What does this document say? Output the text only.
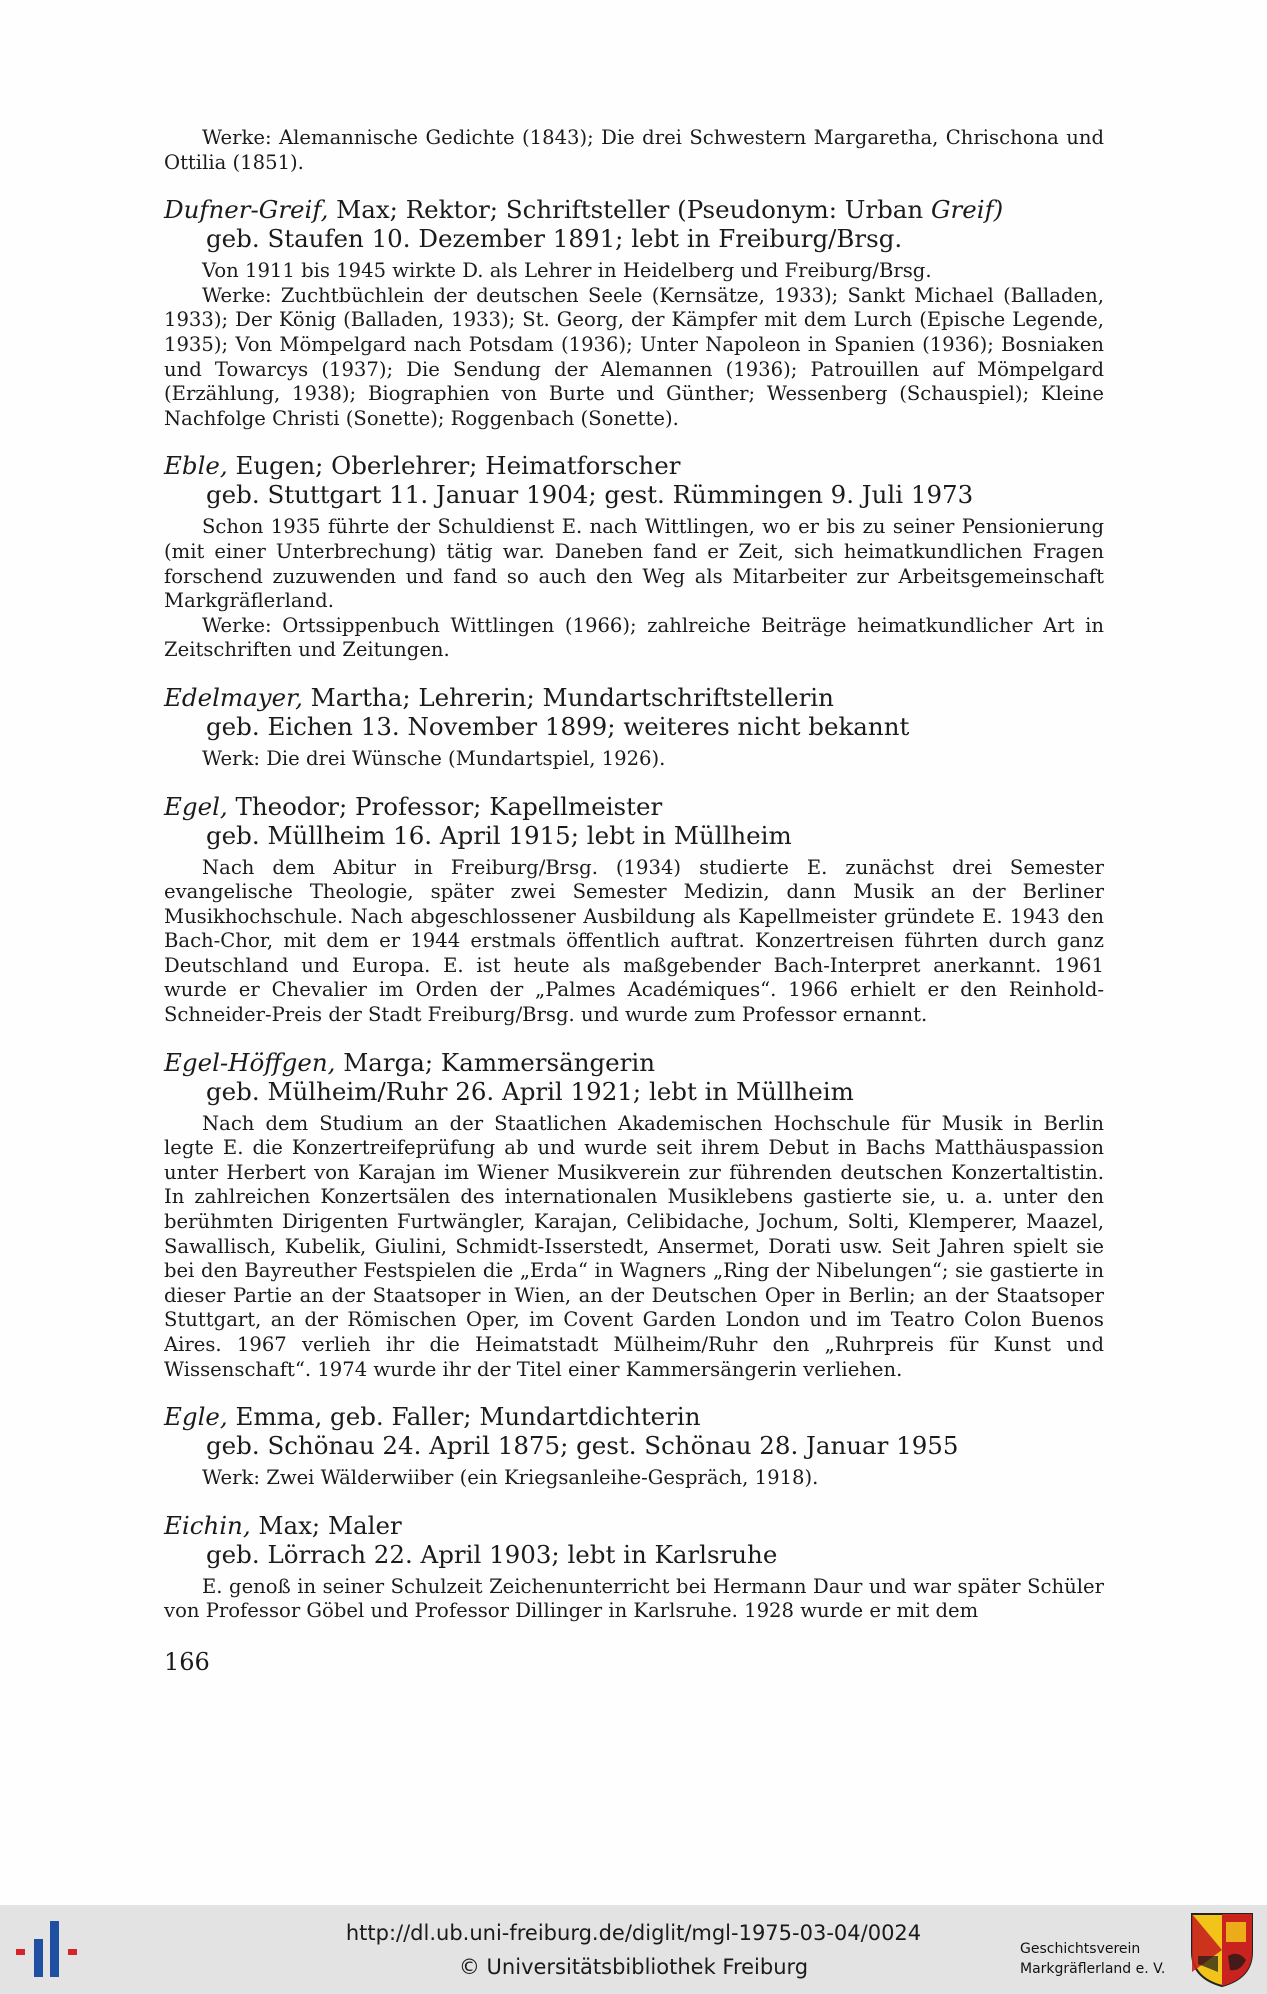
Werke: Alemannische Gedichte (1843); Die drei Schwestern Margaretha, Chrischona und Ottilia (1851).

Dufner-Greif, Max; Rektor; Schriftsteller (Pseudonym: Urban Greif)

geb. Staufen 10. Dezember 1891; lebt in Freiburg/Brsg.

Von 1911 bis 1945 wirkte D. als Lehrer in Heidelberg und Freiburg/Brsg.

Werke: Zuchtbüchlein der deutschen Seele (Kernsätze, 1933); Sankt Michael (Balladen, 1933); Der König (Balladen, 1933); St. Georg, der Kämpfer mit dem Lurch (Epische Legende, 1935); Von Mömpelgard nach Potsdam (1936); Unter Napoleon in Spanien (1936); Bosniaken und Towarcys (1937); Die Sendung der Alemannen (1936); Patrouillen auf Mömpelgard (Erzählung, 1938); Biographien von Burte und Günther; Wessenberg (Schauspiel); Kleine Nachfolge Christi (Sonette); Roggenbach (Sonette).

Eble, Eugen; Oberlehrer; Heimatforscher

geb. Stuttgart 11. Januar 1904; gest. Rümmingen 9. Juli 1973

Schon 1935 führte der Schuldienst E. nach Wittlingen, wo er bis zu seiner Pensionierung (mit einer Unterbrechung) tätig war. Daneben fand er Zeit, sich heimatkundlichen Fragen forschend zuzuwenden und fand so auch den Weg als Mitarbeiter zur Arbeitsgemeinschaft Markgräflerland.

Werke: Ortssippenbuch Wittlingen (1966); zahlreiche Beiträge heimatkundlicher Art in Zeitschriften und Zeitungen.

Edelmayer, Martha; Lehrerin; Mundartschriftstellerin

geb. Eichen 13. November 1899; weiteres nicht bekannt

Werk: Die drei Wünsche (Mundartspiel, 1926).

Egel, Theodor; Professor; Kapellmeister

geb. Müllheim 16. April 1915; lebt in Müllheim

Nach dem Abitur in Freiburg/Brsg. (1934) studierte E. zunächst drei Semester evangelische Theologie, später zwei Semester Medizin, dann Musik an der Berliner Musikhochschule. Nach abgeschlossener Ausbildung als Kapellmeister gründete E. 1943 den Bach-Chor, mit dem er 1944 erstmals öffentlich auftrat. Konzertreisen führten durch ganz Deutschland und Europa. E. ist heute als maßgebender Bach-Interpret anerkannt. 1961 wurde er Chevalier im Orden der „Palmes Académiques“. 1966 erhielt er den Reinhold-Schneider-Preis der Stadt Freiburg/Brsg. und wurde zum Professor ernannt.

Egel-Höffgen, Marga; Kammersängerin

geb. Mülheim/Ruhr 26. April 1921; lebt in Müllheim

Nach dem Studium an der Staatlichen Akademischen Hochschule für Musik in Berlin legte E. die Konzertreifeprüfung ab und wurde seit ihrem Debut in Bachs Matthäuspassion unter Herbert von Karajan im Wiener Musikverein zur führenden deutschen Konzertaltistin. In zahlreichen Konzertsälen des internationalen Musiklebens gastierte sie, u. a. unter den berühmten Dirigenten Furtwängler, Karajan, Celibidache, Jochum, Solti, Klemperer, Maazel, Sawallisch, Kubelik, Giulini, Schmidt-Isserstedt, Ansermet, Dorati usw. Seit Jahren spielt sie bei den Bayreuther Festspielen die „Erda“ in Wagners „Ring der Nibelungen“; sie gastierte in dieser Partie an der Staatsoper in Wien, an der Deutschen Oper in Berlin; an der Staatsoper Stuttgart, an der Römischen Oper, im Covent Garden London und im Teatro Colon Buenos Aires. 1967 verlieh ihr die Heimatstadt Mülheim/Ruhr den „Ruhrpreis für Kunst und Wissenschaft“. 1974 wurde ihr der Titel einer Kammersängerin verliehen.

Egle, Emma, geb. Faller; Mundartdichterin

geb. Schönau 24. April 1875; gest. Schönau 28. Januar 1955

Werk: Zwei Wälderwiiber (ein Kriegsanleihe-Gespräch, 1918).

Eichin, Max; Maler

geb. Lörrach 22. April 1903; lebt in Karlsruhe

E. genoß in seiner Schulzeit Zeichenunterricht bei Hermann Daur und war später Schüler von Professor Göbel und Professor Dillinger in Karlsruhe. 1928 wurde er mit dem

166
http://dl.ub.uni-freiburg.de/diglit/mgl-1975-03-04/0024
© Universitätsbibliothek Freiburg
Geschichtsverein
Markgräflerland e. V.
